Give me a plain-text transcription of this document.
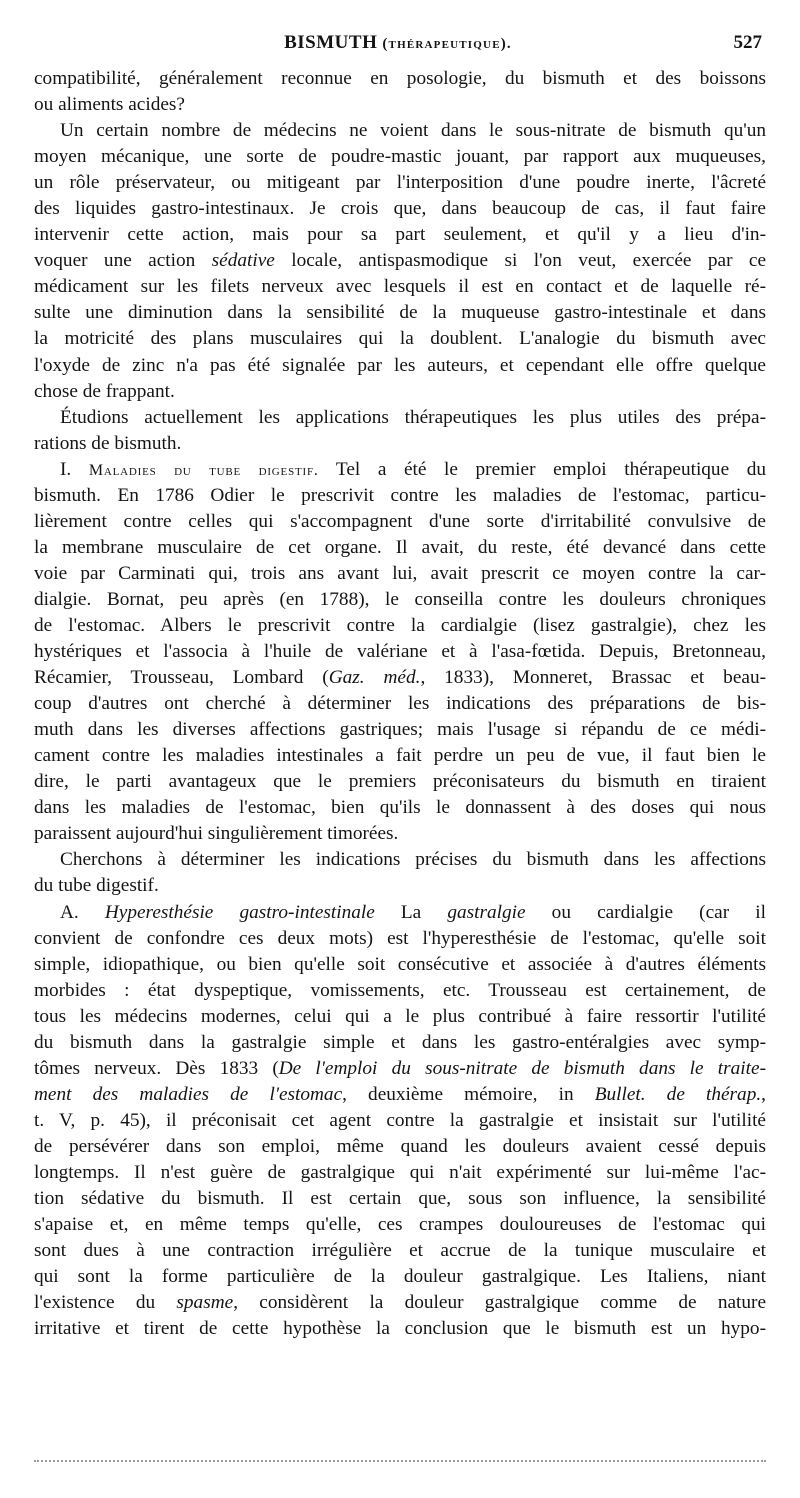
BISMUTH (thérapeutique).	527

compatibilité, généralement reconnue en posologie, du bismuth et des boissons
ou aliments acides?

Un certain nombre de médecins ne voient dans le sous-nitrate de bismuth qu'un
moyen mécanique, une sorte de poudre-mastic jouant, par rapport aux muqueuses,
un rôle préservateur, ou mitigeant par l'interposition d'une poudre inerte, l'âcreté
des liquides gastro-intestinaux. Je crois que, dans beaucoup de cas, il faut faire
intervenir cette action, mais pour sa part seulement, et qu'il y a lieu d'in-
voquer une action sédative locale, antispasmodique si l'on veut, exercée par ce
médicament sur les filets nerveux avec lesquels il est en contact et de laquelle ré-
sulte une diminution dans la sensibilité de la muqueuse gastro-intestinale et dans
la motricité des plans musculaires qui la doublent. L'analogie du bismuth avec
l'oxyde de zinc n'a pas été signalée par les auteurs, et cependant elle offre quelque
chose de frappant.

Étudions actuellement les applications thérapeutiques les plus utiles des prépa-
rations de bismuth.

I. Maladies du tube digestif. Tel a été le premier emploi thérapeutique du
bismuth. En 1786 Odier le prescrivit contre les maladies de l'estomac, particu-
lièrement contre celles qui s'accompagnent d'une sorte d'irritabilité convulsive de
la membrane musculaire de cet organe. Il avait, du reste, été devancé dans cette
voie par Carminati qui, trois ans avant lui, avait prescrit ce moyen contre la car-
dialgie. Bornat, peu après (en 1788), le conseilla contre les douleurs chroniques
de l'estomac. Albers le prescrivit contre la cardialgie (lisez gastralgie), chez les
hystériques et l'associa à l'huile de valériane et à l'asa-fœtida. Depuis, Bretonneau,
Récamier, Trousseau, Lombard (Gaz. méd., 1833), Monneret, Brassac et beau-
coup d'autres ont cherché à déterminer les indications des préparations de bis-
muth dans les diverses affections gastriques; mais l'usage si répandu de ce médi-
cament contre les maladies intestinales a fait perdre un peu de vue, il faut bien le
dire, le parti avantageux que le premiers préconisateurs du bismuth en tiraient
dans les maladies de l'estomac, bien qu'ils le donnassent à des doses qui nous
paraissent aujourd'hui singulièrement timorées.

Cherchons à déterminer les indications précises du bismuth dans les affections
du tube digestif.

A. Hyperesthésie gastro-intestinale La gastralgie ou cardialgie (car il
convient de confondre ces deux mots) est l'hyperesthésie de l'estomac, qu'elle soit
simple, idiopathique, ou bien qu'elle soit consécutive et associée à d'autres éléments
morbides : état dyspeptique, vomissements, etc. Trousseau est certainement, de
tous les médecins modernes, celui qui a le plus contribué à faire ressortir l'utilité
du bismuth dans la gastralgie simple et dans les gastro-entéralgies avec symp-
tômes nerveux. Dès 1833 (De l'emploi du sous-nitrate de bismuth dans le traite-
ment des maladies de l'estomac, deuxième mémoire, in Bullet. de thérap.,
t. V, p. 45), il préconisait cet agent contre la gastralgie et insistait sur l'utilité
de persévérer dans son emploi, même quand les douleurs avaient cessé depuis
longtemps. Il n'est guère de gastralgique qui n'ait expérimenté sur lui-même l'ac-
tion sédative du bismuth. Il est certain que, sous son influence, la sensibilité
s'apaise et, en même temps qu'elle, ces crampes douloureuses de l'estomac qui
sont dues à une contraction irrégulière et accrue de la tunique musculaire et
qui sont la forme particulière de la douleur gastralgique. Les Italiens, niant
l'existence du spasme, considèrent la douleur gastralgique comme de nature
irritative et tirent de cette hypothèse la conclusion que le bismuth est un hypo-
